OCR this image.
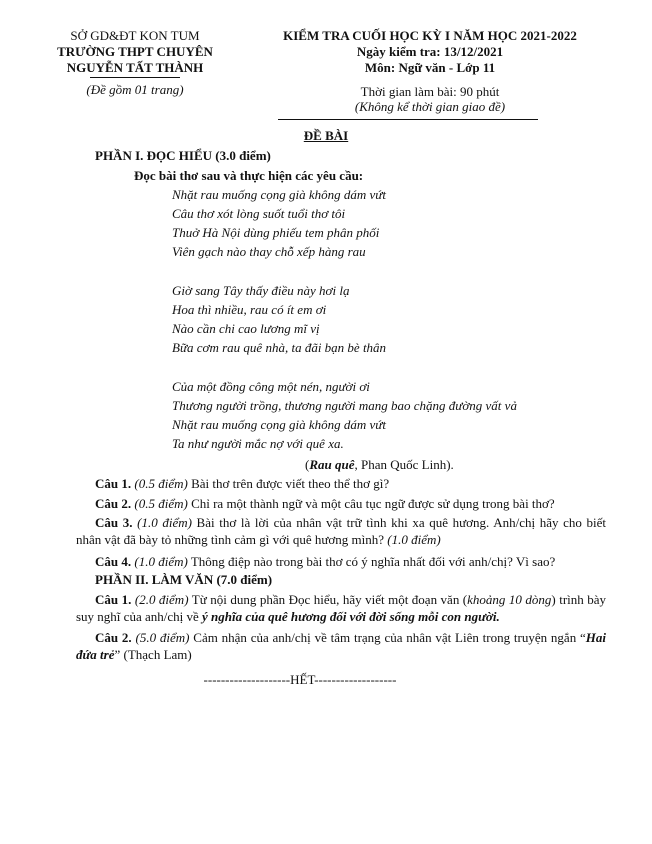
SỞ GD&ĐT KON TUM
TRƯỜNG THPT CHUYÊN
NGUYỄN TẤT THÀNH
(Đề gồm 01 trang)
KIỂM TRA CUỐI HỌC KỲ I NĂM HỌC 2021-2022
Ngày kiểm tra: 13/12/2021
Môn: Ngữ văn - Lớp 11
Thời gian làm bài: 90 phút
(Không kể thời gian giao đề)
ĐỀ BÀI
PHẦN I. ĐỌC HIỂU (3.0 điểm)
Đọc bài thơ sau và thực hiện các yêu cầu:
Nhặt rau muống cọng già không dám vứt
Câu thơ xót lòng suốt tuổi thơ tôi
Thuở Hà Nội dùng phiếu tem phân phối
Viên gạch nào thay chỗ xếp hàng rau
Giờ sang Tây thấy điều này hơi lạ
Hoa thì nhiều, rau có ít em ơi
Nào cần chi cao lương mĩ vị
Bữa cơm rau quê nhà, ta đãi bạn bè thân
Của một đồng công một nén, người ơi
Thương người trồng, thương người mang bao chặng đường vất vả
Nhặt rau muống cọng già không dám vứt
Ta như người mắc nợ với quê xa.
(Rau quê, Phan Quốc Linh).
Câu 1. (0.5 điểm) Bài thơ trên được viết theo thể thơ gì?
Câu 2. (0.5 điểm) Chỉ ra một thành ngữ và một câu tục ngữ được sử dụng trong bài thơ?
Câu 3. (1.0 điểm) Bài thơ là lời của nhân vật trữ tình khi xa quê hương. Anh/chị hãy cho biết nhân vật đã bày tỏ những tình cảm gì với quê hương mình? (1.0 điểm)
Câu 4. (1.0 điểm) Thông điệp nào trong bài thơ có ý nghĩa nhất đối với anh/chị? Vì sao?
PHẦN II. LÀM VĂN (7.0 điểm)
Câu 1. (2.0 điểm) Từ nội dung phần Đọc hiểu, hãy viết một đoạn văn (khoảng 10 dòng) trình bày suy nghĩ của anh/chị về ý nghĩa của quê hương đối với đời sống mỗi con người.
Câu 2. (5.0 điểm) Cảm nhận của anh/chị về tâm trạng của nhân vật Liên trong truyện ngắn “Hai đứa trẻ” (Thạch Lam)
--------------------HẾT-------------------
